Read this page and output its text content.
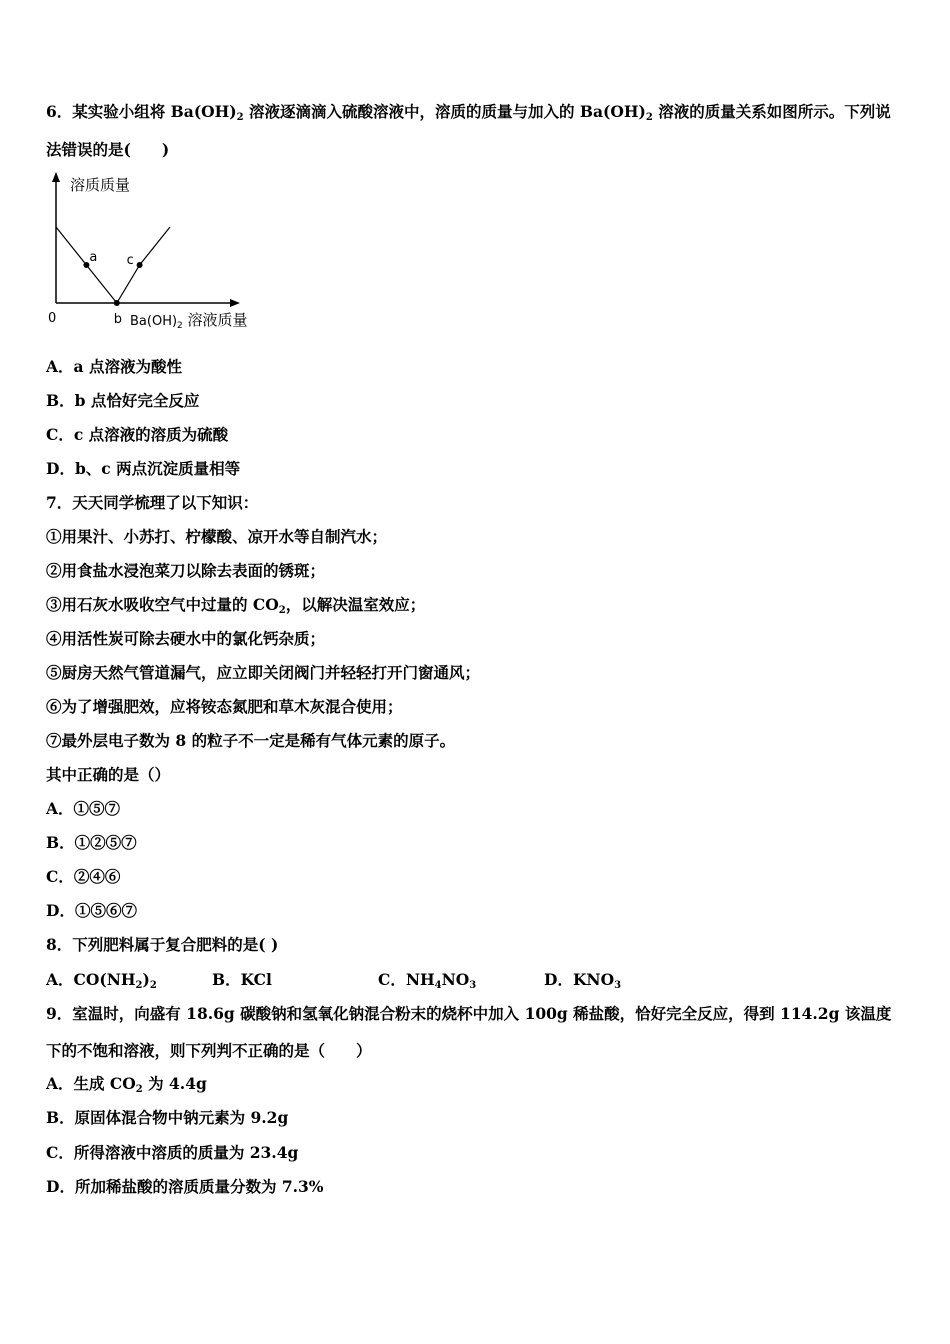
6．某实验小组将 $Ba(OH)_2$ 溶液逐滴滴入硫酸溶液中，溶质的质量与加入的 $Ba(OH)_2$ 溶液的质量关系如图所示。下列说
法错误的是(　　)
溶质质量
0	$Ba(OH)_2$ 溶液质量
a
b
c
A．a 点溶液为酸性
B．b 点恰好完全反应
C．c 点溶液的溶质为硫酸
D．b、c 两点沉淀质量相等
7．天天同学梳理了以下知识：
①用果汁、小苏打、柠檬酸、凉开水等自制汽水；
②用食盐水浸泡菜刀以除去表面的锈斑；
③用石灰水吸收空气中过量的 $CO_2$，以解决温室效应；
④用活性炭可除去硬水中的氯化钙杂质；
⑤厨房天然气管道漏气，应立即关闭阀门并轻轻打开门窗通风；
⑥为了增强肥效，应将铵态氮肥和草木灰混合使用；
⑦最外层电子数为 8 的粒子不一定是稀有气体元素的原子。
其中正确的是（）
A．①⑤⑦
B．①②⑤⑦
C．②④⑥
D．①⑤⑥⑦
8．下列肥料属于复合肥料的是( )
A．$CO(NH_2)_2$	B．KCl	C．$NH_4NO_3$	D．$KNO_3$
9．室温时，向盛有 18.6g 碳酸钠和氢氧化钠混合粉末的烧杯中加入 100g 稀盐酸，恰好完全反应，得到 114.2g 该温度
下的不饱和溶液，则下列判不正确的是（　　）
A．生成 $CO_2$ 为 4.4g
B．原固体混合物中钠元素为 9.2g
C．所得溶液中溶质的质量为 23.4g
D．所加稀盐酸的溶质质量分数为 7.3%
